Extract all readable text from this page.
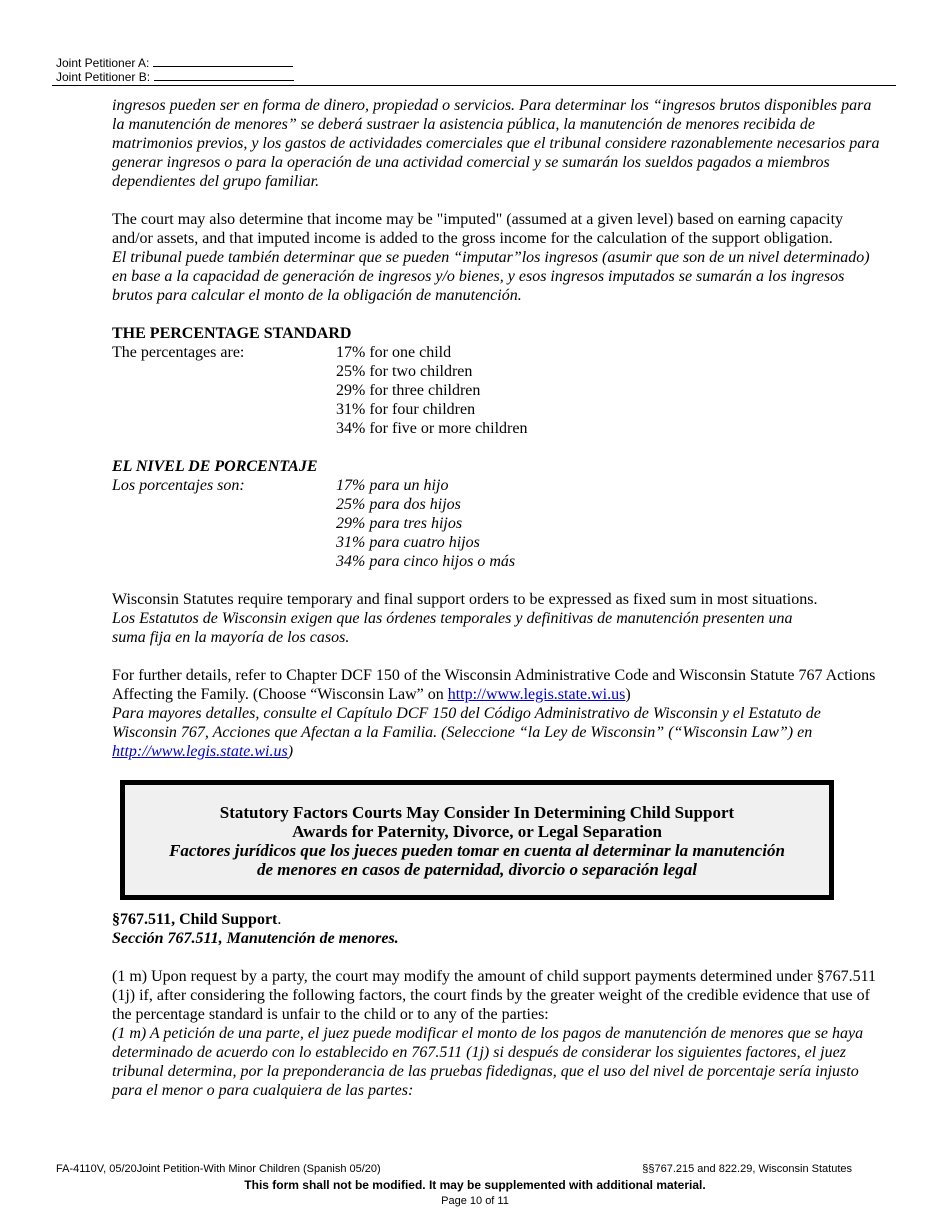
Joint Petitioner A:
Joint Petitioner B:

ingresos pueden ser en forma de dinero, propiedad o servicios. Para determinar los “ingresos brutos disponibles para la manutención de menores” se deberá sustraer la asistencia pública, la manutención de menores recibida de matrimonios previos, y los gastos de actividades comerciales que el tribunal considere razonablemente necesarios para generar ingresos o para la operación de una actividad comercial y se sumarán los sueldos pagados a miembros dependientes del grupo familiar.

The court may also determine that income may be "imputed" (assumed at a given level) based on earning capacity and/or assets, and that imputed income is added to the gross income for the calculation of the support obligation.

El tribunal puede también determinar que se pueden “imputar”los ingresos (asumir que son de un nivel determinado) en base a la capacidad de generación de ingresos y/o bienes, y esos ingresos imputados se sumarán a los ingresos brutos para calcular el monto de la obligación de manutención.

THE PERCENTAGE STANDARD

The percentages are:	17% for one child
25% for two children
29% for three children
31% for four children
34% for five or more children

EL NIVEL DE PORCENTAJE

Los porcentajes son:	17% para un hijo
25% para dos hijos
29% para tres hijos
31% para cuatro hijos
34% para cinco hijos o más

Wisconsin Statutes require temporary and final support orders to be expressed as fixed sum in most situations.

Los Estatutos de Wisconsin exigen que las órdenes temporales y definitivas de manutención presenten una suma fija en la mayoría de los casos.

For further details, refer to Chapter DCF 150 of the Wisconsin Administrative Code and Wisconsin Statute 767 Actions Affecting the Family. (Choose “Wisconsin Law” on http://www.legis.state.wi.us)

Para mayores detalles, consulte el Capítulo DCF 150 del Código Administrativo de Wisconsin y el Estatuto de Wisconsin 767, Acciones que Afectan a la Familia. (Seleccione “la Ley de Wisconsin” (“Wisconsin Law”) en http://www.legis.state.wi.us)

Statutory Factors Courts May Consider In Determining Child Support
Awards for Paternity, Divorce, or Legal Separation
Factores jurídicos que los jueces pueden tomar en cuenta al determinar la manutención
de menores en casos de paternidad, divorcio o separación legal

§767.511, Child Support.

Sección 767.511, Manutención de menores.

(1 m) Upon request by a party, the court may modify the amount of child support payments determined under §767.511 (1j) if, after considering the following factors, the court finds by the greater weight of the credible evidence that use of the percentage standard is unfair to the child or to any of the parties:

(1 m) A petición de una parte, el juez puede modificar el monto de los pagos de manutención de menores que se haya determinado de acuerdo con lo establecido en 767.511 (1j) si después de considerar los siguientes factores, el juez tribunal determina, por la preponderancia de las pruebas fidedignas, que el uso del nivel de porcentaje sería injusto para el menor o para cualquiera de las partes:

FA-4110V, 05/20Joint Petition-With Minor Children (Spanish 05/20)	§§767.215 and 822.29, Wisconsin Statutes
This form shall not be modified. It may be supplemented with additional material.
Page 10 of 11
